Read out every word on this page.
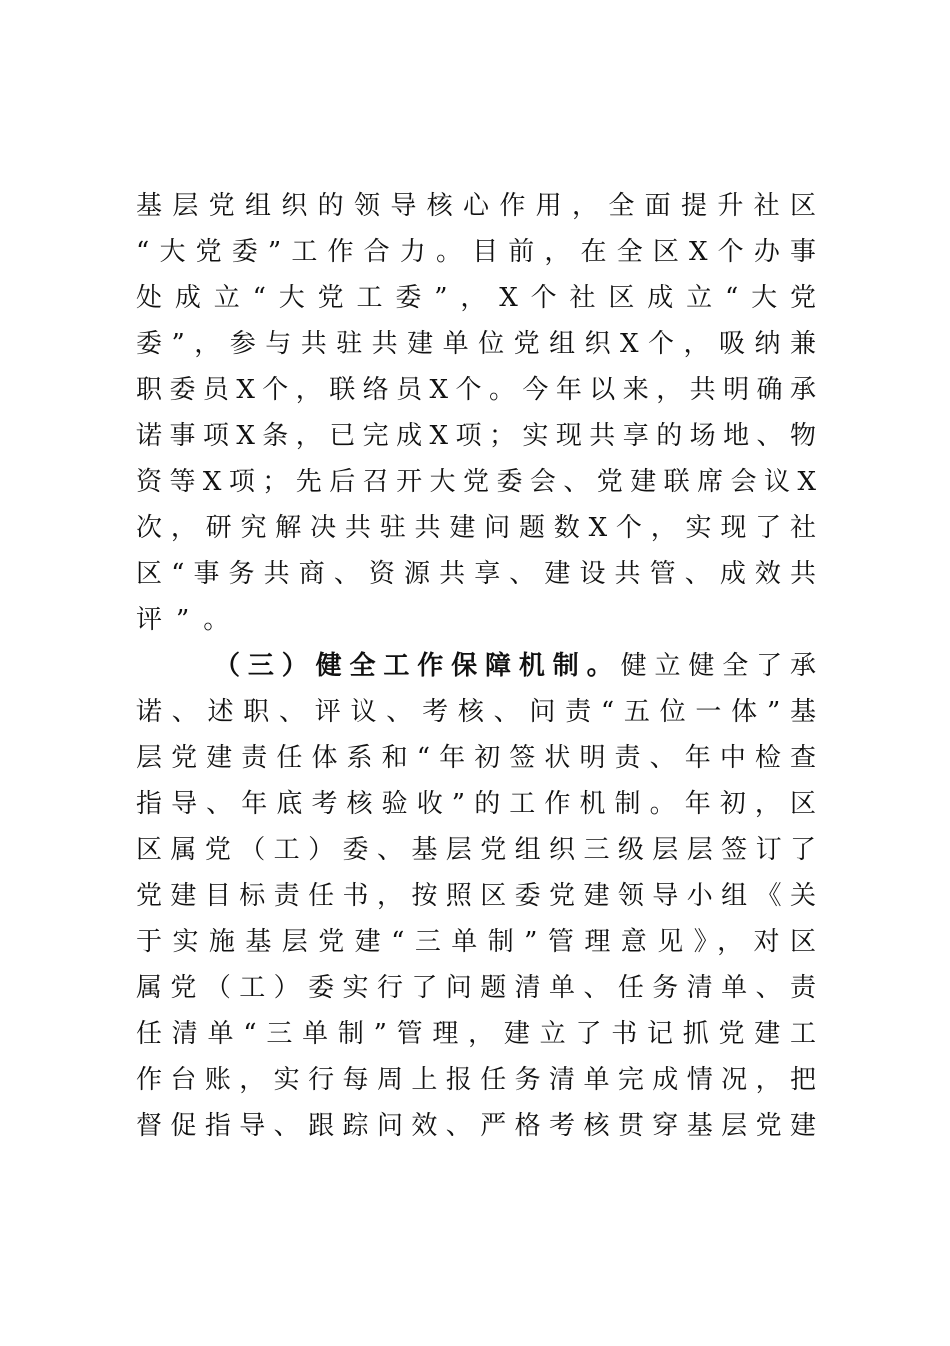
基层党组织的领导核心作用，全面提升社区
“大党委”工作合力。目前，在全区X个办事
处成立“大党工委”，X个社区成立“大党
委”，参与共驻共建单位党组织X个，吸纳兼
职委员X个，联络员X个。今年以来，共明确承
诺事项X条，已完成X项；实现共享的场地、物
资等X项；先后召开大党委会、党建联席会议X
次，研究解决共驻共建问题数X个，实现了社
区“事务共商、资源共享、建设共管、成效共
评”。
（三）健全工作保障机制。健立健全了承
诺、述职、评议、考核、问责“五位一体”基
层党建责任体系和“年初签状明责、年中检查
指导、年底考核验收”的工作机制。年初，区
区属党（工）委、基层党组织三级层层签订了
党建目标责任书，按照区委党建领导小组《关
于实施基层党建“三单制”管理意见》，对区
属党（工）委实行了问题清单、任务清单、责
任清单“三单制”管理，建立了书记抓党建工
作台账，实行每周上报任务清单完成情况，把
督促指导、跟踪问效、严格考核贯穿基层党建
